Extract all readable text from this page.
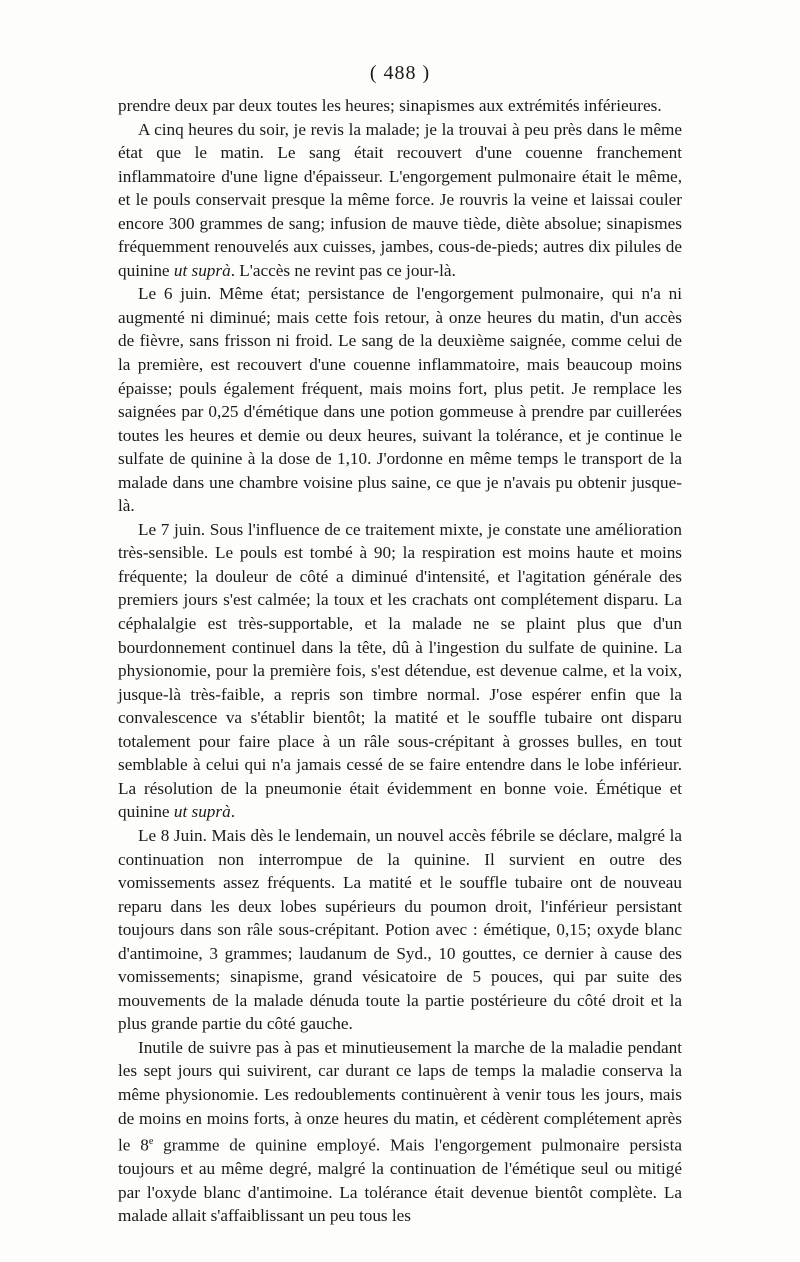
( 488 )

prendre deux par deux toutes les heures; sinapismes aux extrémités inférieures.

A cinq heures du soir, je revis la malade; je la trouvai à peu près dans le même état que le matin. Le sang était recouvert d'une couenne franchement inflammatoire d'une ligne d'épaisseur. L'engorgement pulmonaire était le même, et le pouls conservait presque la même force. Je rouvris la veine et laissai couler encore 300 grammes de sang; infusion de mauve tiède, diète absolue; sinapismes fréquemment renouvelés aux cuisses, jambes, cous-de-pieds; autres dix pilules de quinine ut suprà. L'accès ne revint pas ce jour-là.

Le 6 juin. Même état; persistance de l'engorgement pulmonaire, qui n'a ni augmenté ni diminué; mais cette fois retour, à onze heures du matin, d'un accès de fièvre, sans frisson ni froid. Le sang de la deuxième saignée, comme celui de la première, est recouvert d'une couenne inflammatoire, mais beaucoup moins épaisse; pouls également fréquent, mais moins fort, plus petit. Je remplace les saignées par 0,25 d'émétique dans une potion gommeuse à prendre par cuillerées toutes les heures et demie ou deux heures, suivant la tolérance, et je continue le sulfate de quinine à la dose de 1,10. J'ordonne en même temps le transport de la malade dans une chambre voisine plus saine, ce que je n'avais pu obtenir jusque-là.

Le 7 juin. Sous l'influence de ce traitement mixte, je constate une amélioration très-sensible. Le pouls est tombé à 90; la respiration est moins haute et moins fréquente; la douleur de côté a diminué d'intensité, et l'agitation générale des premiers jours s'est calmée; la toux et les crachats ont complétement disparu. La céphalalgie est très-supportable, et la malade ne se plaint plus que d'un bourdonnement continuel dans la tête, dû à l'ingestion du sulfate de quinine. La physionomie, pour la première fois, s'est détendue, est devenue calme, et la voix, jusque-là très-faible, a repris son timbre normal. J'ose espérer enfin que la convalescence va s'établir bientôt; la matité et le souffle tubaire ont disparu totalement pour faire place à un râle sous-crépitant à grosses bulles, en tout semblable à celui qui n'a jamais cessé de se faire entendre dans le lobe inférieur. La résolution de la pneumonie était évidemment en bonne voie. Émétique et quinine ut suprà.

Le 8 Juin. Mais dès le lendemain, un nouvel accès fébrile se déclare, malgré la continuation non interrompue de la quinine. Il survient en outre des vomissements assez fréquents. La matité et le souffle tubaire ont de nouveau reparu dans les deux lobes supérieurs du poumon droit, l'inférieur persistant toujours dans son râle sous-crépitant. Potion avec : émétique, 0,15; oxyde blanc d'antimoine, 3 grammes; laudanum de Syd., 10 gouttes, ce dernier à cause des vomissements; sinapisme, grand vésicatoire de 5 pouces, qui par suite des mouvements de la malade dénuda toute la partie postérieure du côté droit et la plus grande partie du côté gauche.

Inutile de suivre pas à pas et minutieusement la marche de la maladie pendant les sept jours qui suivirent, car durant ce laps de temps la maladie conserva la même physionomie. Les redoublements continuèrent à venir tous les jours, mais de moins en moins forts, à onze heures du matin, et cédèrent complétement après le 8e gramme de quinine employé. Mais l'engorgement pulmonaire persista toujours et au même degré, malgré la continuation de l'émétique seul ou mitigé par l'oxyde blanc d'antimoine. La tolérance était devenue bientôt complète. La malade allait s'affaiblissant un peu tous les
